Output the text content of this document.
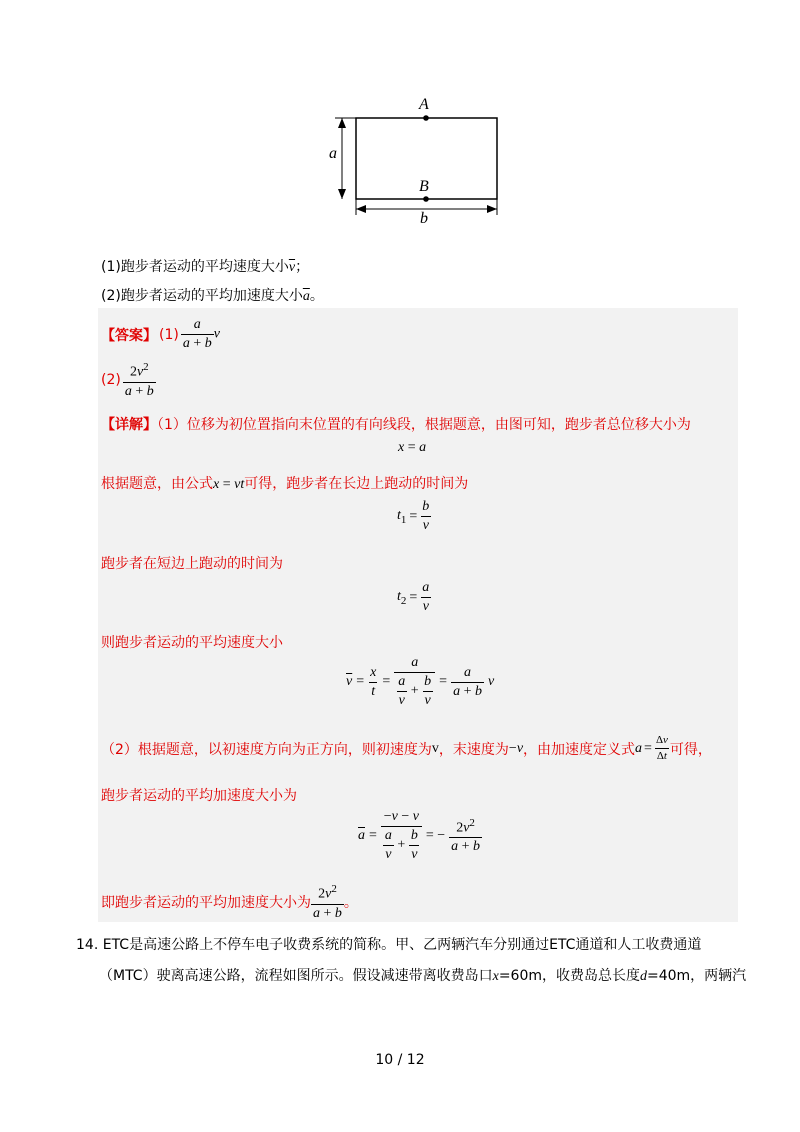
A
B
a
b
(1)跑步者运动的平均速度大小$\overline{v}$；
(2)跑步者运动的平均加速度大小$\overline{a}$。
【答案】 $(1) \frac{a}{a + b}$ v
$(2) \frac{2v^2}{a + b}$
【详解】（1）位移为初位置指向末位置的有向线段，根据题意，由图可知，跑步者总位移大小为
x = a
根据题意，由公式x = vt可得，跑步者在长边上跑动的时间为
$t_1 = \frac{b}{v}$
跑步者在短边上跑动的时间为
$t_2 = \frac{a}{v}$
则跑步者运动的平均速度大小
$\overline{v} = \frac{x}{t} = \frac{a}{\frac{a}{v} + \frac{b}{v}} = \frac{a}{a + b}$ v
（2）根据题意，以初速度方向为正方向，则初速度为 v ，末速度为 −v ，由加速度定义式 $a = \frac{\Delta v}{\Delta t}$ 可得，
跑步者运动的平均加速度大小为
$\overline{a} = \frac{-v - v}{\frac{a}{v} + \frac{b}{v}}$ = − $\frac{2v^2}{a + b}$
即跑步者运动的平均加速度大小为 $\frac{2v^2}{a + b}$ 。
14. ETC是高速公路上不停车电子收费系统的简称。甲、乙两辆汽车分别通过ETC通道和人工收费通道
（MTC）驶离高速公路，流程如图所示。假设减速带离收费岛口x=60m，收费岛总长度d=40m，两辆汽
10 / 12
